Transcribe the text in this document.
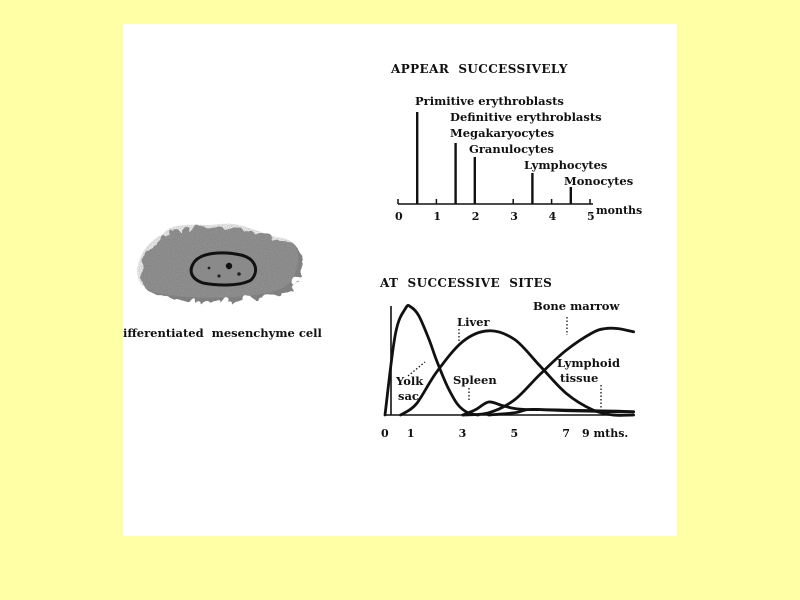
ifferentiated  mesenchyme cell
APPEAR  SUCCESSIVELY
Primitive erythroblasts
Definitive erythroblasts
Megakaryocytes
Granulocytes
Lymphocytes
Monocytes
0	1	2	3	4	5 months
AT  SUCCESSIVE  SITES
0 1	3	5	7 9 mths.
Yolk
sac
Liver
Spleen
Bone marrow
Lymphoid
tissue
